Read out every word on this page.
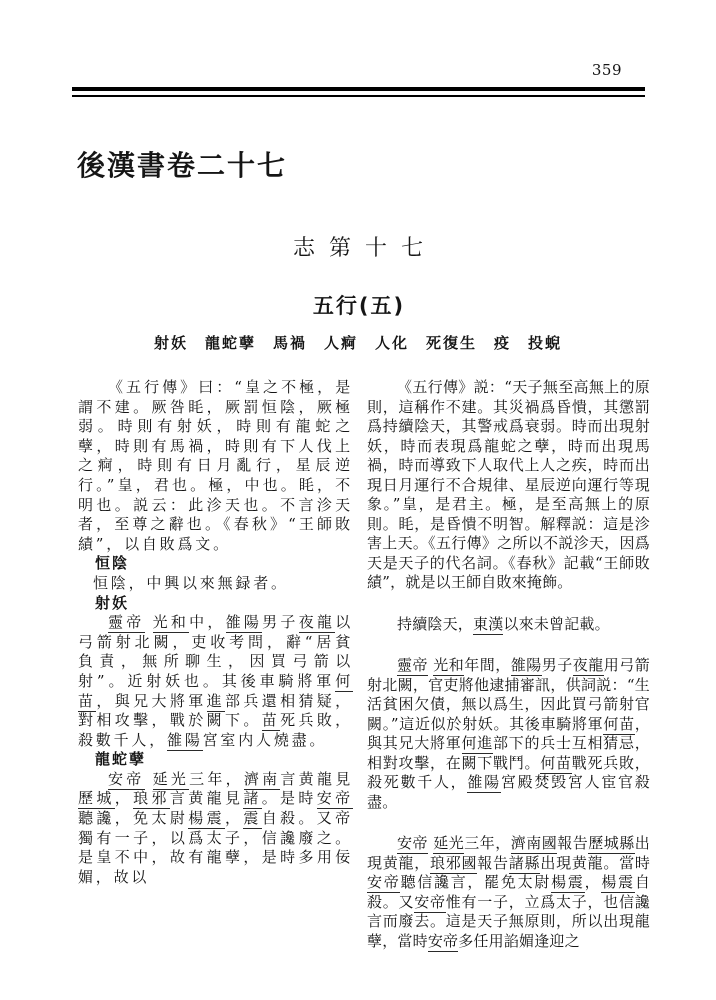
359
後漢書卷二十七
志第十七
五行(五)
射妖　龍蛇孽　馬禍　人痾　人化　死復生　疫　投蜺

《五行傳》曰：“皇之不極，是謂不建。厥咎眊，厥罰恒陰，厥極弱。時則有射妖，時則有龍蛇之孽，時則有馬禍，時則有下人伐上之痾，時則有日月亂行，星辰逆行。”皇，君也。極，中也。眊，不明也。説云：此沴天也。不言沴天者，至尊之辭也。《春秋》“王師敗績”，以自敗爲文。

恒陰

恒陰，中興以來無録者。

射妖

靈帝 光和中，雒陽男子夜龍以弓箭射北闕，吏收考問，辭“居貧負責，無所聊生，因買弓箭以射”。近射妖也。其後車騎將軍何苗，與兄大將軍進部兵還相猜疑，對相攻擊，戰於闕下。苗死兵敗，殺數千人，雒陽宮室内人燒盡。

龍蛇孽

安帝 延光三年，濟南言黄龍見歷城，琅邪言黄龍見諸。是時安帝聽讒，免太尉楊震，震自殺。又帝獨有一子，以爲太子，信讒廢之。是皇不中，故有龍孽，是時多用佞媚，故以

《五行傳》説：“天子無至高無上的原則，這稱作不建。其災禍爲昏憒，其懲罰爲持續陰天，其警戒爲衰弱。時而出現射妖，時而表現爲龍蛇之孽，時而出現馬禍，時而導致下人取代上人之疾，時而出現日月運行不合規律、星辰逆向運行等現象。”皇，是君主。極，是至高無上的原則。眊，是昏憒不明智。解釋説：這是沴害上天。《五行傳》之所以不説沴天，因爲天是天子的代名詞。《春秋》記載“王師敗績”，就是以王師自敗來掩飾。

持續陰天，東漢以來未曾記載。

靈帝 光和年間，雒陽男子夜龍用弓箭射北闕，官吏將他逮捕審訊，供詞説：“生活貧困欠債，無以爲生，因此買弓箭射官闕。”這近似於射妖。其後車騎將軍何苗，與其兄大將軍何進部下的兵士互相猜忌，相對攻擊，在闕下戰鬥。何苗戰死兵敗，殺死數千人，雒陽宮殿焚毁宮人宦官殺盡。

安帝 延光三年，濟南國報告歷城縣出現黄龍，琅邪國報告諸縣出現黄龍。當時安帝聽信讒言，罷免太尉楊震，楊震自殺。又安帝惟有一子，立爲太子，也信讒言而廢去。這是天子無原則，所以出現龍孽，當時安帝多任用諂媚逢迎之
